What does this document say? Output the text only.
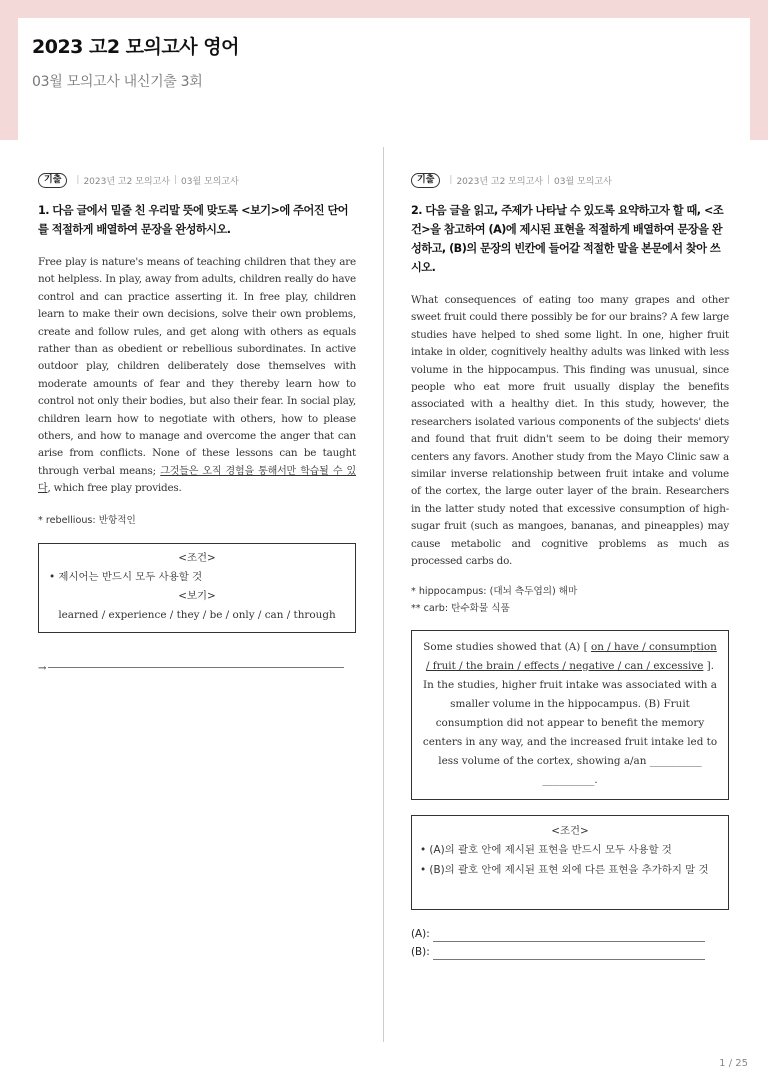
2023 고2 모의고사 영어
03월 모의고사 내신기출 3회
기출	| 2023년 고2 모의고사 | 03월 모의고사
1. 다음 글에서 밑줄 친 우리말 뜻에 맞도록 <보기>에 주어진 단어를 적절하게 배열하여 문장을 완성하시오.
Free play is nature's means of teaching children that they are not helpless. In play, away from adults, children really do have control and can practice asserting it. In free play, children learn to make their own decisions, solve their own problems, create and follow rules, and get along with others as equals rather than as obedient or rebellious subordinates. In active outdoor play, children deliberately dose themselves with moderate amounts of fear and they thereby learn how to control not only their bodies, but also their fear. In social play, children learn how to negotiate with others, how to please others, and how to manage and overcome the anger that can arise from conflicts. None of these lessons can be taught through verbal means; 그것들은 오직 경험을 통해서만 학습될 수 있다, which free play provides.
* rebellious: 반항적인
<조건>
• 제시어는 반드시 모두 사용할 것
<보기>
learned / experience / they / be / only / can / through
→
기출	| 2023년 고2 모의고사 | 03월 모의고사
2. 다음 글을 읽고, 주제가 나타날 수 있도록 요약하고자 할 때, <조건>을 참고하여 (A)에 제시된 표현을 적절하게 배열하여 문장을 완성하고, (B)의 문장의 빈칸에 들어갈 적절한 말을 본문에서 찾아 쓰시오.
What consequences of eating too many grapes and other sweet fruit could there possibly be for our brains? A few large studies have helped to shed some light. In one, higher fruit intake in older, cognitively healthy adults was linked with less volume in the hippocampus. This finding was unusual, since people who eat more fruit usually display the benefits associated with a healthy diet. In this study, however, the researchers isolated various components of the subjects' diets and found that fruit didn't seem to be doing their memory centers any favors. Another study from the Mayo Clinic saw a similar inverse relationship between fruit intake and volume of the cortex, the large outer layer of the brain. Researchers in the latter study noted that excessive consumption of high-sugar fruit (such as mangoes, bananas, and pineapples) may cause metabolic and cognitive problems as much as processed carbs do.
* hippocampus: (대뇌 측두엽의) 해마
** carb: 탄수화물 식품
Some studies showed that (A) [ on / have / consumption / fruit / the brain / effects / negative / can / excessive ]. In the studies, higher fruit intake was associated with a smaller volume in the hippocampus. (B) Fruit consumption did not appear to benefit the memory centers in any way, and the increased fruit intake led to less volume of the cortex, showing a/an __________ __________.
<조건>
• (A)의 괄호 안에 제시된 표현을 반드시 모두 사용할 것
• (B)의 괄호 안에 제시된 표현 외에 다른 표현을 추가하지 말 것
(A):
(B):
1 / 25
